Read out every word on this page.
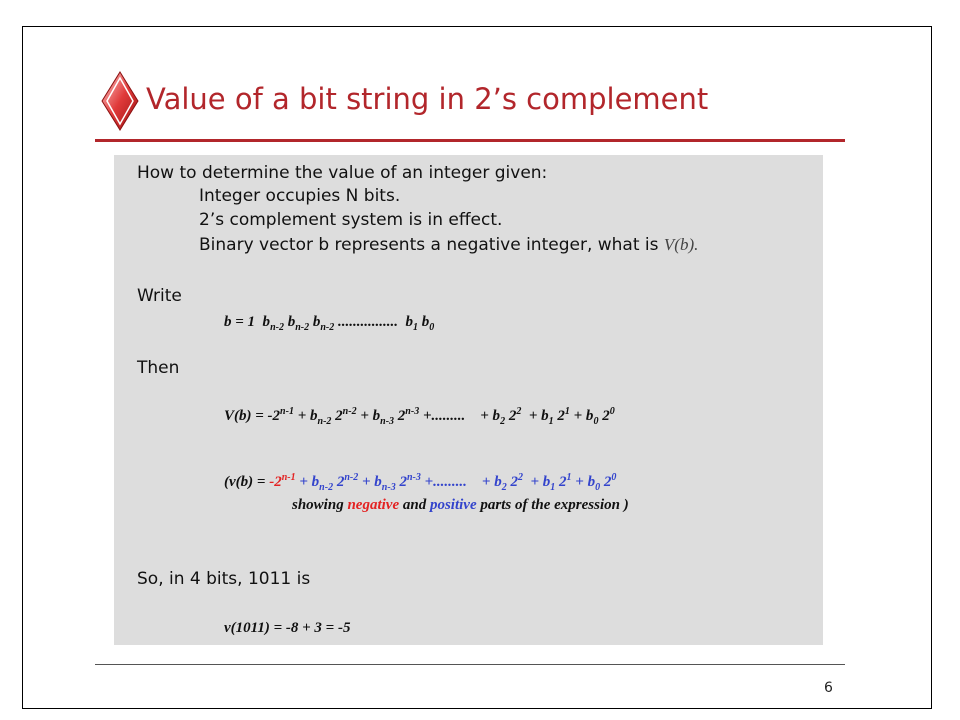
Value of a bit string in 2’s complement
How to determine the value of an integer given:
Integer occupies N bits.
2’s complement system is in effect.
Binary vector b represents a negative integer, what is V(b).
Write
b = 1  $b_{n-2}$ $b_{n-2}$ $b_{n-2}$ ................  $b_1$ $b_0$
Then
$V(b) = -2^{n-1} + b_{n-2}$ $2^{n-2} + b_{n-3}$ $2^{n-3}$ +.........    + $b_2$ $2^2 + b_1$ $2^1 + b_0$ $2^0$
($v(b) = -2^{n-1} + b_{n-2}$ $2^{n-2} + b_{n-3}$ $2^{n-3}$ +.........    + $b_2$ $2^2 + b_1$ $2^1 + b_0$ $2^0$
showing negative and positive parts of the expression )
So, in 4 bits, 1011 is
v(1011) = -8 + 3 = -5
6
